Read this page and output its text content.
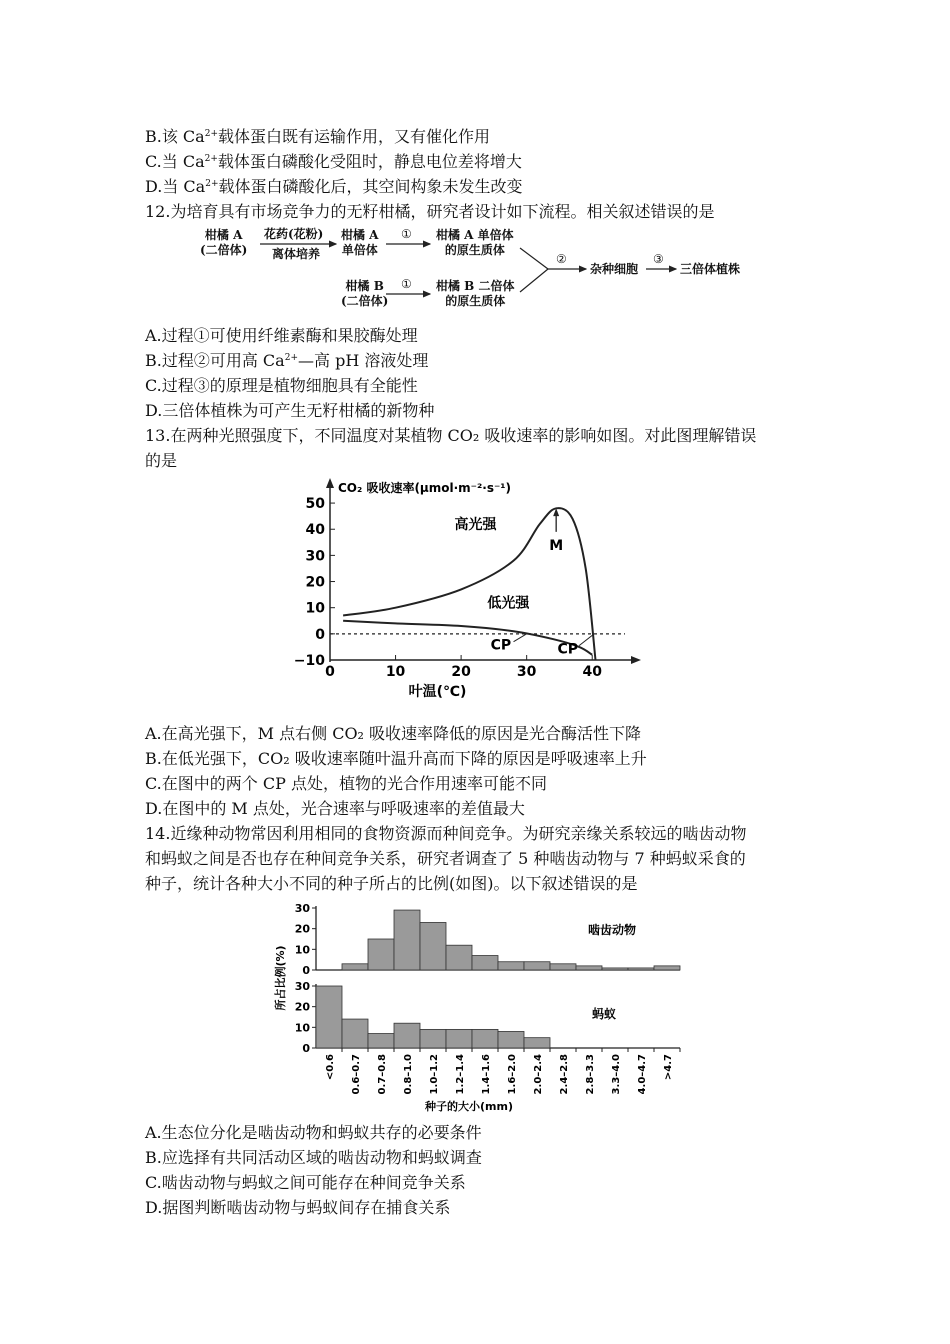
B.该 $Ca^{2+}$载体蛋白既有运输作用，又有催化作用
C.当 $Ca^{2+}$载体蛋白磷酸化受阻时，静息电位差将增大
D.当 $Ca^{2+}$载体蛋白磷酸化后，其空间构象未发生改变
12.为培育具有市场竞争力的无籽柑橘，研究者设计如下流程。相关叙述错误的是
柑橘 A
(二倍体)
花药(花粉)
离体培养
柑橘 A
单倍体
① 柑橘 A 单倍体
的原生质体
柑橘 B
(二倍体)
① 柑橘 B 二倍体
的原生质体
②
杂种细胞
③
三倍体植株
A.过程①可使用纤维素酶和果胶酶处理
B.过程②可用高 $Ca^{2+}—$高 pH 溶液处理
C.过程③的原理是植物细胞具有全能性
D.三倍体植株为可产生无籽柑橘的新物种
13.在两种光照强度下，不同温度对某植物 CO₂ 吸收速率的影响如图。对此图理解错误
的是
50
40
30
20
10
0
−10
0	10	20	30	40
CO₂ 吸收速率(μmol·m⁻²·s⁻¹)
叶温(℃)
高光强
低光强
M
CP	CP
A.在高光强下，M 点右侧 CO₂ 吸收速率降低的原因是光合酶活性下降
B.在低光强下，CO₂ 吸收速率随叶温升高而下降的原因是呼吸速率上升
C.在图中的两个 CP 点处，植物的光合作用速率可能不同
D.在图中的 M 点处，光合速率与呼吸速率的差值最大
14.近缘种动物常因利用相同的食物资源而种间竞争。为研究亲缘关系较远的啮齿动物
和蚂蚁之间是否也存在种间竞争关系，研究者调查了 5 种啮齿动物与 7 种蚂蚁采食的
种子，统计各种大小不同的种子所占的比例(如图)。以下叙述错误的是
30
20
10
0
啮齿动物
30
20
10
0
蚂蚁
<0.6 0.6–0.7 0.7–0.8 0.8–1.0 1.0–1.2 1.2–1.4 1.4–1.6 1.6–2.0 2.0–2.4 2.4–2.8 2.8–3.3 3.3–4.0 4.0–4.7 >4.7
所占比例(%)
种子的大小(mm)
A.生态位分化是啮齿动物和蚂蚁共存的必要条件
B.应选择有共同活动区域的啮齿动物和蚂蚁调查
C.啮齿动物与蚂蚁之间可能存在种间竞争关系
D.据图判断啮齿动物与蚂蚁间存在捕食关系
